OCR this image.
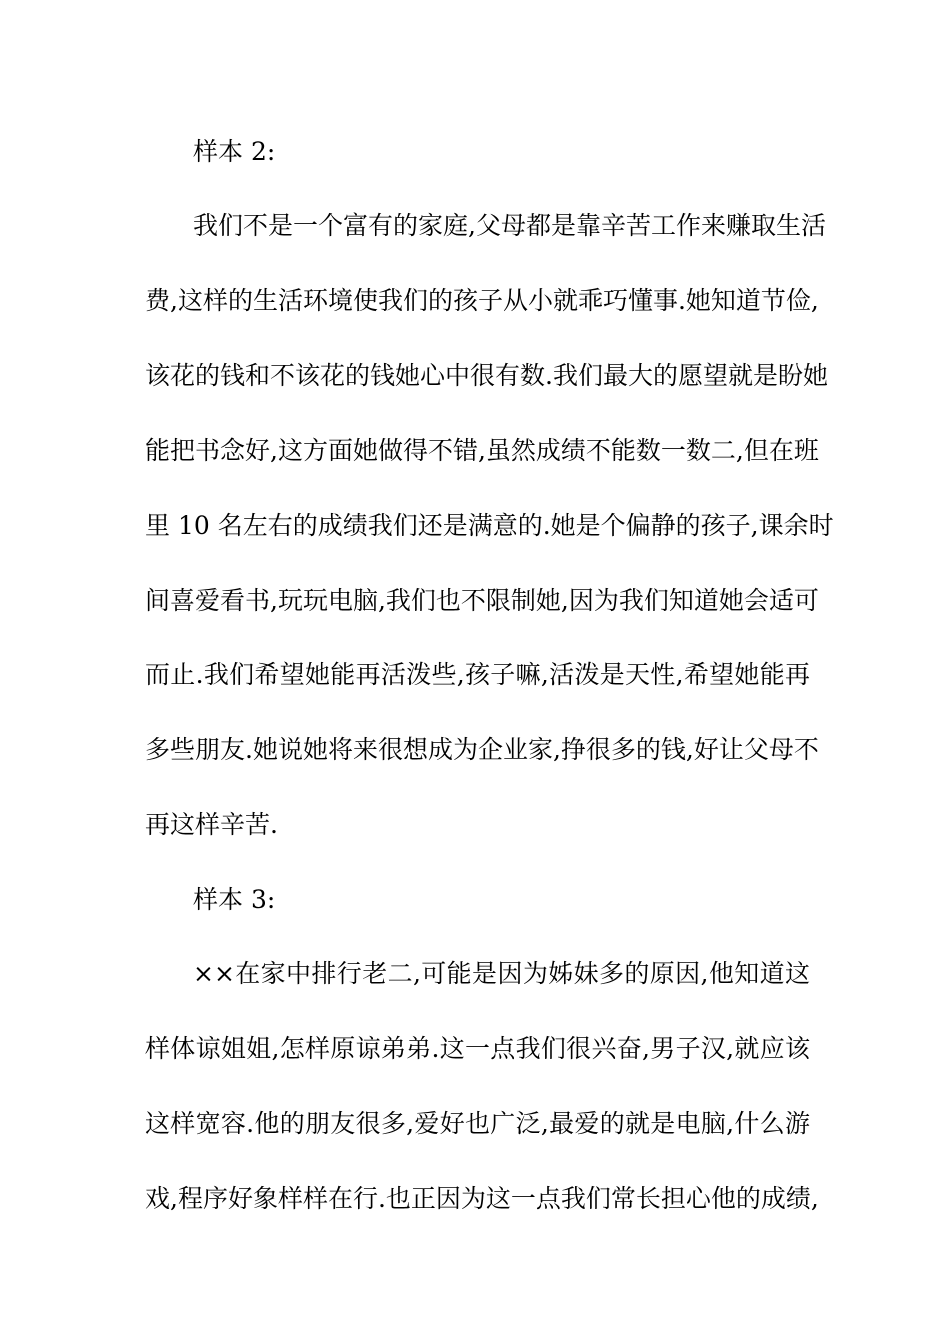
样本 2:
我们不是一个富有的家庭,父母都是靠辛苦工作来赚取生活
费,这样的生活环境使我们的孩子从小就乖巧懂事.她知道节俭,
该花的钱和不该花的钱她心中很有数.我们最大的愿望就是盼她
能把书念好,这方面她做得不错,虽然成绩不能数一数二,但在班
里 10 名左右的成绩我们还是满意的.她是个偏静的孩子,课余时
间喜爱看书,玩玩电脑,我们也不限制她,因为我们知道她会适可
而止.我们希望她能再活泼些,孩子嘛,活泼是天性,希望她能再
多些朋友.她说她将来很想成为企业家,挣很多的钱,好让父母不
再这样辛苦.
样本 3:
××在家中排行老二,可能是因为姊妹多的原因,他知道这
样体谅姐姐,怎样原谅弟弟.这一点我们很兴奋,男子汉,就应该
这样宽容.他的朋友很多,爱好也广泛,最爱的就是电脑,什么游
戏,程序好象样样在行.也正因为这一点我们常长担心他的成绩,
